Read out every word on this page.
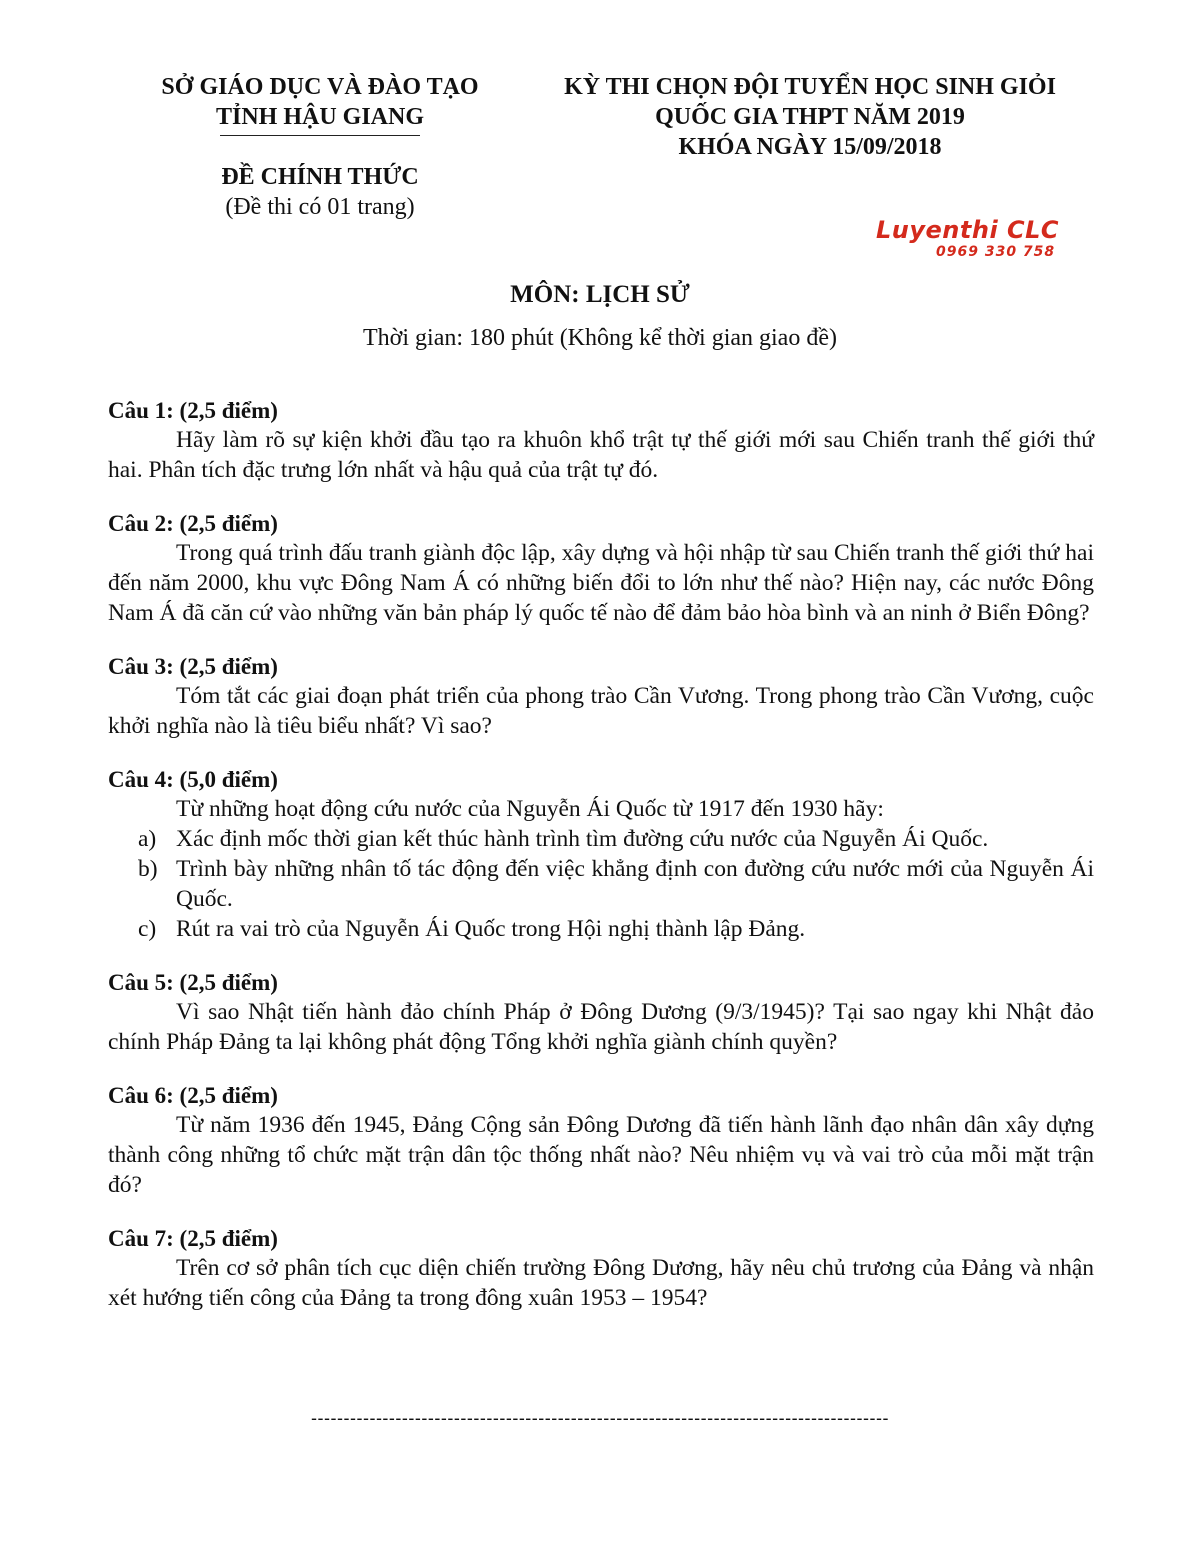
SỞ GIÁO DỤC VÀ ĐÀO TẠO
TỈNH HẬU GIANG
ĐỀ CHÍNH THỨC
(Đề thi có 01 trang)
KỲ THI CHỌN ĐỘI TUYỂN HỌC SINH GIỎI
QUỐC GIA THPT NĂM 2019
KHÓA NGÀY 15/09/2018
Luyenthi CLC
0969 330 758
MÔN: LỊCH SỬ
Thời gian: 180 phút (Không kể thời gian giao đề)
Câu 1: (2,5 điểm)

Hãy làm rõ sự kiện khởi đầu tạo ra khuôn khổ trật tự thế giới mới sau Chiến tranh thế giới thứ hai. Phân tích đặc trưng lớn nhất và hậu quả của trật tự đó.

Câu 2: (2,5 điểm)

Trong quá trình đấu tranh giành độc lập, xây dựng và hội nhập từ sau Chiến tranh thế giới thứ hai đến năm 2000, khu vực Đông Nam Á có những biến đổi to lớn như thế nào? Hiện nay, các nước Đông Nam Á đã căn cứ vào những văn bản pháp lý quốc tế nào để đảm bảo hòa bình và an ninh ở Biển Đông?

Câu 3: (2,5 điểm)

Tóm tắt các giai đoạn phát triển của phong trào Cần Vương. Trong phong trào Cần Vương, cuộc khởi nghĩa nào là tiêu biểu nhất? Vì sao?

Câu 4: (5,0 điểm)

Từ những hoạt động cứu nước của Nguyễn Ái Quốc từ 1917 đến 1930 hãy:

a) Xác định mốc thời gian kết thúc hành trình tìm đường cứu nước của Nguyễn Ái Quốc.
b) Trình bày những nhân tố tác động đến việc khẳng định con đường cứu nước mới của Nguyễn Ái Quốc.
c) Rút ra vai trò của Nguyễn Ái Quốc trong Hội nghị thành lập Đảng.
Câu 5: (2,5 điểm)

Vì sao Nhật tiến hành đảo chính Pháp ở Đông Dương (9/3/1945)? Tại sao ngay khi Nhật đảo chính Pháp Đảng ta lại không phát động Tổng khởi nghĩa giành chính quyền?

Câu 6: (2,5 điểm)

Từ năm 1936 đến 1945, Đảng Cộng sản Đông Dương đã tiến hành lãnh đạo nhân dân xây dựng thành công những tổ chức mặt trận dân tộc thống nhất nào? Nêu nhiệm vụ và vai trò của mỗi mặt trận đó?

Câu 7: (2,5 điểm)

Trên cơ sở phân tích cục diện chiến trường Đông Dương, hãy nêu chủ trương của Đảng và nhận xét hướng tiến công của Đảng ta trong đông xuân 1953 – 1954?

-----------------------------------------------------------------------------------------
